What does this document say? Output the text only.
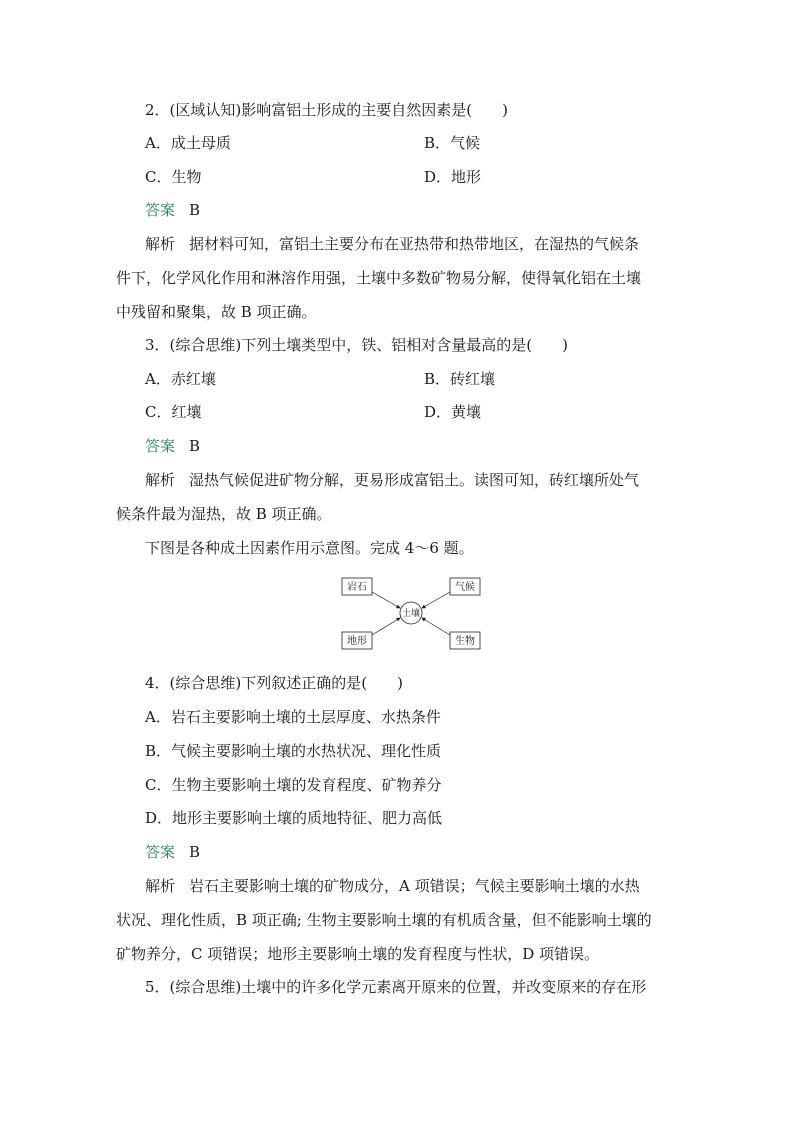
2．(区域认知)影响富铝土形成的主要自然因素是(　　)
A．成土母质	B．气候
C．生物	D．地形
答案 B
解析 据材料可知，富铝土主要分布在亚热带和热带地区，在湿热的气候条
件下，化学风化作用和淋溶作用强，土壤中多数矿物易分解，使得氧化铝在土壤
中残留和聚集，故 B 项正确。
3．(综合思维)下列土壤类型中，铁、铝相对含量最高的是(　　)
A．赤红壤	B．砖红壤
C．红壤	D．黄壤
答案 B
解析 湿热气候促进矿物分解，更易形成富铝土。读图可知，砖红壤所处气
候条件最为湿热，故 B 项正确。
下图是各种成土因素作用示意图。完成 4～6 题。
岩石	气候
地形	生物
土壤
4．(综合思维)下列叙述正确的是(　　)
A．岩石主要影响土壤的土层厚度、水热条件
B．气候主要影响土壤的水热状况、理化性质
C．生物主要影响土壤的发育程度、矿物养分
D．地形主要影响土壤的质地特征、肥力高低
答案 B
解析 岩石主要影响土壤的矿物成分，A 项错误；气候主要影响土壤的水热
状况、理化性质，B 项正确; 生物主要影响土壤的有机质含量，但不能影响土壤的
矿物养分，C 项错误；地形主要影响土壤的发育程度与性状，D 项错误。
5．(综合思维)土壤中的许多化学元素离开原来的位置，并改变原来的存在形
